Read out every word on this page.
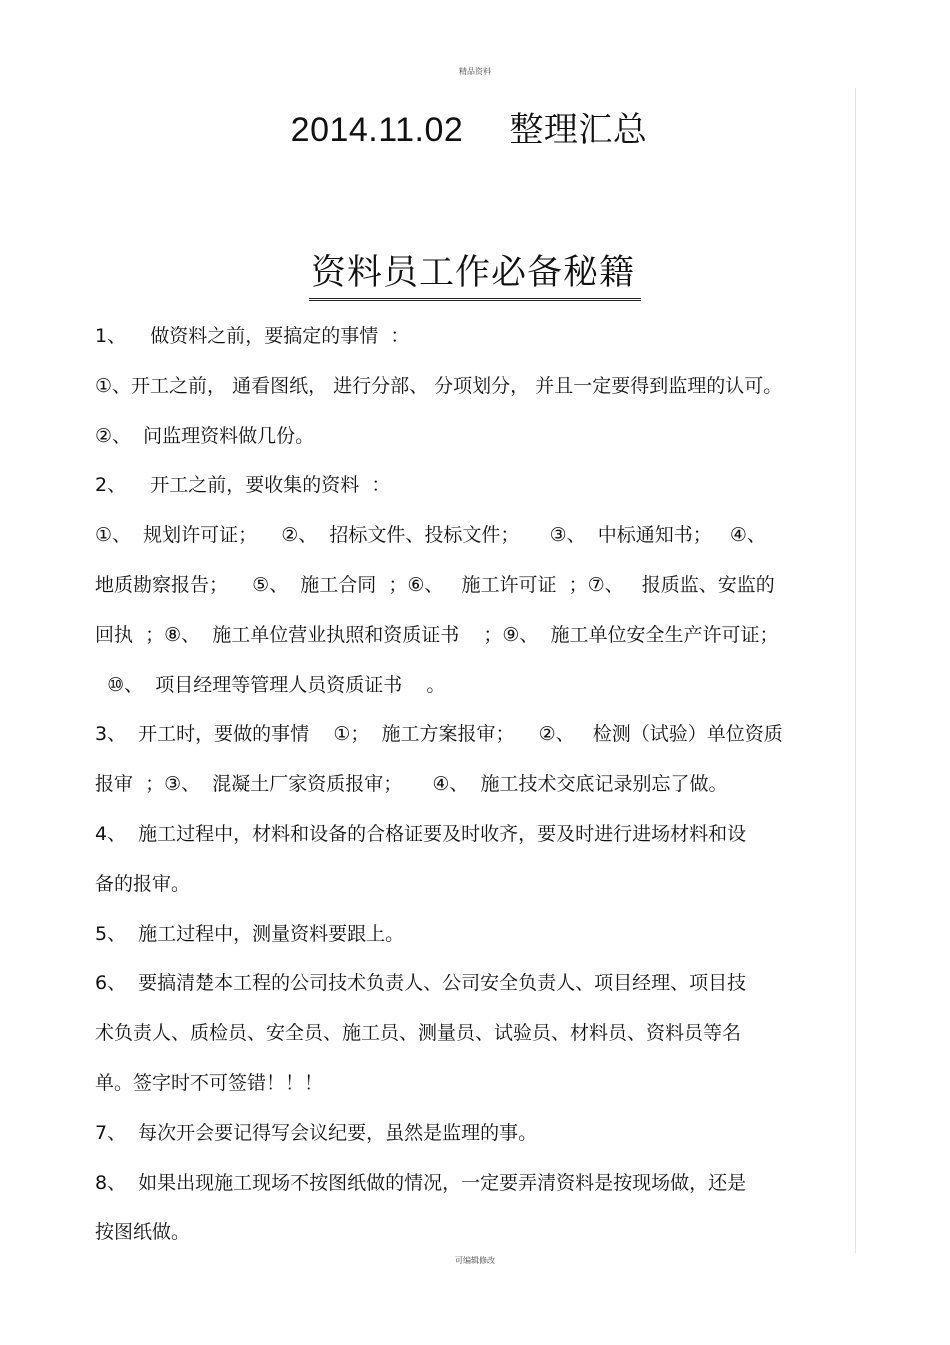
精品资料
2014.11.02 整理汇总
资料员工作必备秘籍
1、    做资料之前，要搞定的事情  ：
①、开工之前， 通看图纸， 进行分部、 分项划分， 并且一定要得到监理的认可。
②、  问监理资料做几份。
2、    开工之前，要收集的资料  ：
①、  规划许可证；    ②、  招标文件、投标文件；     ③、  中标通知书；   ④、
地质勘察报告；    ⑤、  施工合同  ；⑥、   施工许可证  ；⑦、   报质监、安监的
回执  ；⑧、  施工单位营业执照和资质证书    ；⑨、  施工单位安全生产许可证；
⑩、  项目经理等管理人员资质证书    。
3、  开工时，要做的事情    ①；  施工方案报审；    ②、   检测（试验）单位资质
报审  ；③、  混凝土厂家资质报审；     ④、  施工技术交底记录别忘了做。
4、  施工过程中，材料和设备的合格证要及时收齐，要及时进行进场材料和设
备的报审。
5、  施工过程中，测量资料要跟上。
6、  要搞清楚本工程的公司技术负责人、公司安全负责人、项目经理、项目技
术负责人、质检员、安全员、施工员、测量员、试验员、材料员、资料员等名
单。签字时不可签错！！！
7、  每次开会要记得写会议纪要，虽然是监理的事。
8、  如果出现施工现场不按图纸做的情况，一定要弄清资料是按现场做，还是
按图纸做。
可编辑修改
